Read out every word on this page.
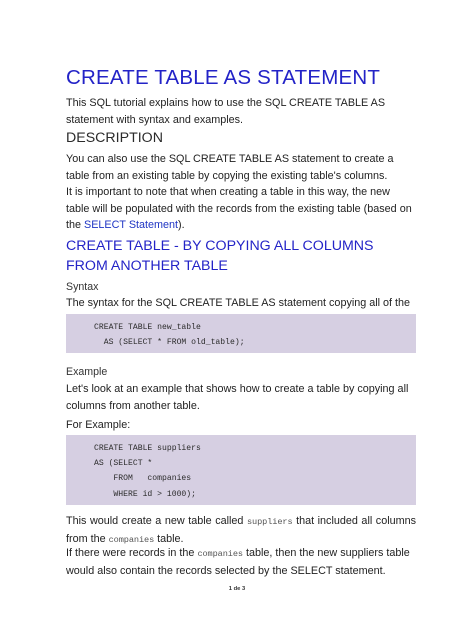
CREATE TABLE AS STATEMENT

This SQL tutorial explains how to use the SQL CREATE TABLE AS statement with syntax and examples.

DESCRIPTION

You can also use the SQL CREATE TABLE AS statement to create a table from an existing table by copying the existing table's columns.

It is important to note that when creating a table in this way, the new table will be populated with the records from the existing table (based on the SELECT Statement).

CREATE TABLE - BY COPYING ALL COLUMNS FROM ANOTHER TABLE
Syntax

The syntax for the SQL CREATE TABLE AS statement copying all of the

CREATE TABLE new_table
AS (SELECT * FROM old_table);
Example

Let's look at an example that shows how to create a table by copying all columns from another table.

For Example:

CREATE TABLE suppliers
AS (SELECT *
FROM   companies
WHERE id > 1000);

This would create a new table called suppliers that included all columns from the companies table.

If there were records in the companies table, then the new suppliers table would also contain the records selected by the SELECT statement.

1 de 3
